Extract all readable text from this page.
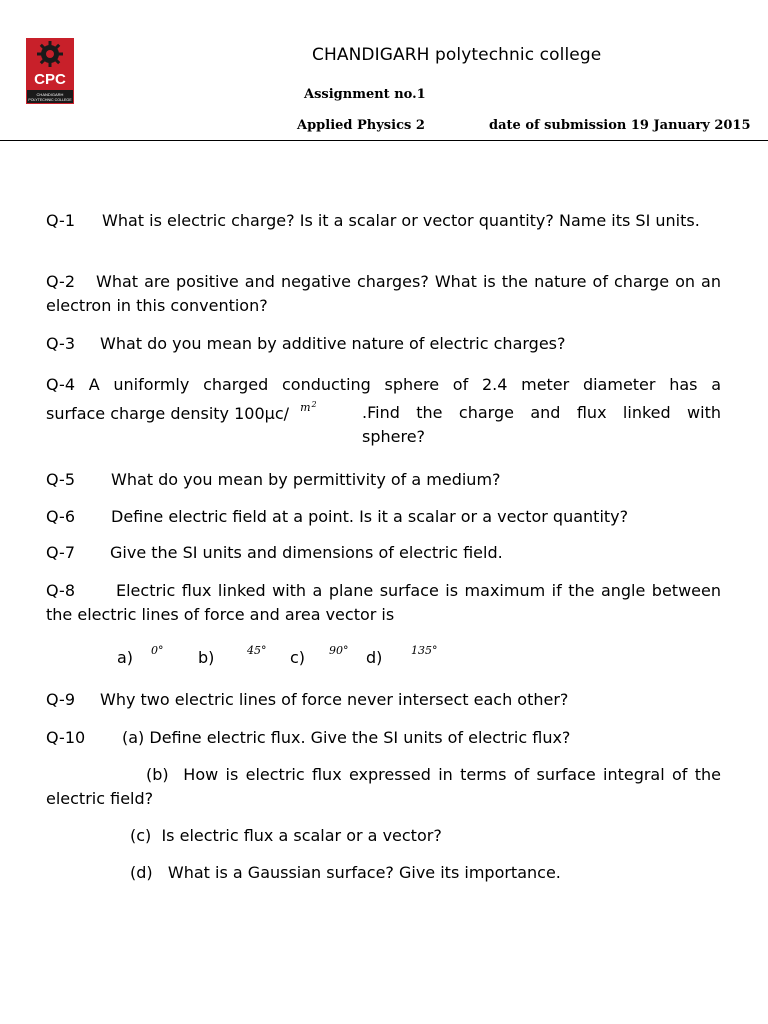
CPC
CHANDIGARH
POLYTECHNIC COLLEGE
CHANDIGARH polytechnic college
Assignment no.1
Applied Physics 2	date of submission 19 January 2015
Q-1 What is electric charge? Is it a scalar or vector quantity? Name its SI units.
Q-2 What are positive and negative charges? What is the nature of charge on an electron in this convention?
Q-3 What do you mean by additive nature of electric charges?
Q-4 A uniformly charged conducting sphere of 2.4 meter diameter has a
surface charge density 100µc/ $m^2$	.Find the charge and flux linked with sphere?
Q-5 What do you mean by permittivity of a medium?
Q-6 Define electric field at a point. Is it a scalar or a vector quantity?
Q-7 Give the SI units and dimensions of electric field.
Q-8	Electric flux linked with a plane surface is maximum if the angle between the electric lines of force and area vector is
a) 0° b)	45° c) 90° d)	135°
Q-9 Why two electric lines of force never intersect each other?
Q-10 (a) Define electric flux. Give the SI units of electric flux?
(b) How is electric flux expressed in terms of surface integral of the electric field?
(c) Is electric flux a scalar or a vector?
(d) What is a Gaussian surface? Give its importance.
